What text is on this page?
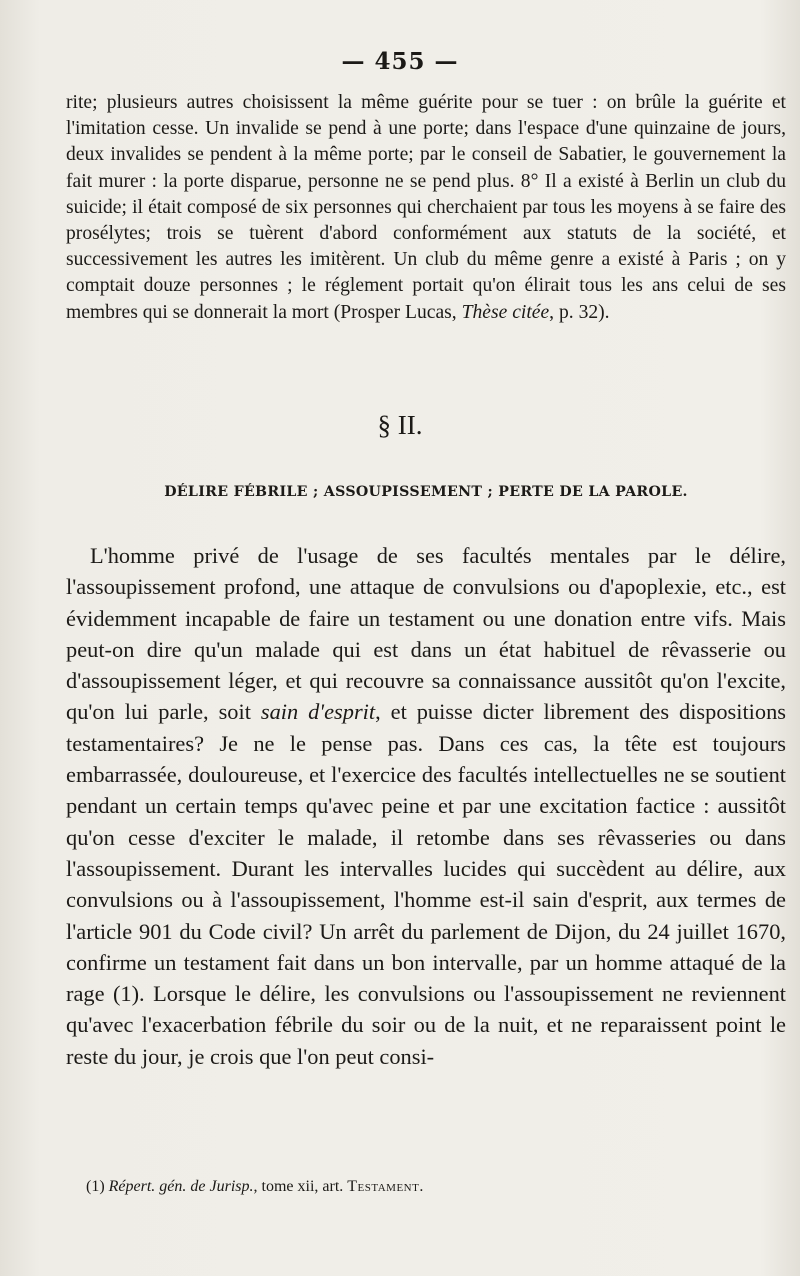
— 455 —

rite; plusieurs autres choisissent la même guérite pour se tuer : on brûle la guérite et l'imitation cesse. Un invalide se pend à une porte; dans l'espace d'une quinzaine de jours, deux invalides se pendent à la même porte; par le conseil de Sabatier, le gouvernement la fait murer : la porte disparue, personne ne se pend plus. 8° Il a existé à Berlin un club du suicide; il était composé de six personnes qui cherchaient par tous les moyens à se faire des prosélytes; trois se tuèrent d'abord conformément aux statuts de la société, et successivement les autres les imitèrent. Un club du même genre a existé à Paris ; on y comptait douze personnes ; le réglement portait qu'on élirait tous les ans celui de ses membres qui se donnerait la mort (Prosper Lucas, Thèse citée, p. 32).

§ II.
DÉLIRE FÉBRILE ; ASSOUPISSEMENT ; PERTE DE LA PAROLE.

L'homme privé de l'usage de ses facultés mentales par le délire, l'assoupissement profond, une attaque de convulsions ou d'apoplexie, etc., est évidemment incapable de faire un testament ou une donation entre vifs. Mais peut-on dire qu'un malade qui est dans un état habituel de rêvasserie ou d'assoupissement léger, et qui recouvre sa connaissance aussitôt qu'on l'excite, qu'on lui parle, soit sain d'esprit, et puisse dicter librement des dispositions testamentaires? Je ne le pense pas. Dans ces cas, la tête est toujours embarrassée, douloureuse, et l'exercice des facultés intellectuelles ne se soutient pendant un certain temps qu'avec peine et par une excitation factice : aussitôt qu'on cesse d'exciter le malade, il retombe dans ses rêvasseries ou dans l'assoupissement. Durant les intervalles lucides qui succèdent au délire, aux convulsions ou à l'assoupissement, l'homme est-il sain d'esprit, aux termes de l'article 901 du Code civil? Un arrêt du parlement de Dijon, du 24 juillet 1670, confirme un testament fait dans un bon intervalle, par un homme attaqué de la rage (1). Lorsque le délire, les convulsions ou l'assoupissement ne reviennent qu'avec l'exacerbation fébrile du soir ou de la nuit, et ne reparaissent point le reste du jour, je crois que l'on peut consi-

(1) Répert. gén. de Jurisp., tome xii, art. Testament.
